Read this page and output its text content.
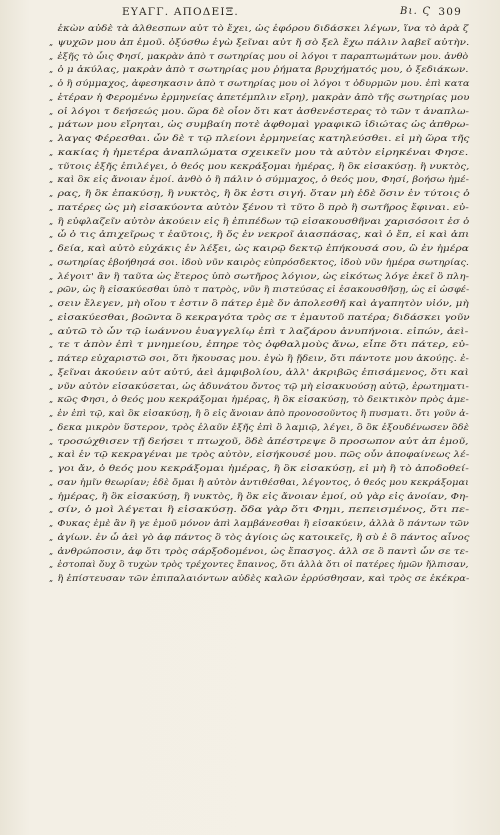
ΕΥΑΓΓ. ΑΠΟΔΕΙΞ.	Βι. Ϛ 309
ἐκὼν αὐδὲ τὰ ἀλθεσπων αὐτ τὸ ἔχει, ὡς ἐφόρου διδάσκει λέγων, ἵνα τὸ ἁρὰ ζ
„ ψυχῶν μου ἀπ ἐμοῦ. ὀξύσθω ἐγὼ ξεῖναι αὐτ ἤ σὸ ξελ ἔχω πάλιν λαβεῖ αὐτὴν.
„ ἐξῆς τὸ ὧις Φησί, μακρὰν ἀπὸ τ σωτηρίας μου οἱ λόγοι τ παραπτωμάτων μου. ἀνθὸ
„ ὁ μ ἀκύλας, μακρὰν ἀπὸ τ σωτηρίας μου ῥήματα βρυχήματός μου, ὁ ξεδιάκων.
„ ὁ ἢ σύμμαχος, ἀφεσηκασιν ἀπὸ τ σωτηρίας μου οἱ λόγοι τ ὀδυρμῶν μου. ἐπὶ κατα
„ ἑτέραν ἡ Φερομένω ἑρμηνείας ἀπετέμπλιν εἴρη), μακρὰν ἀπὸ τῆς σωτηρίας μου
„ οἱ λόγοι τ δεήσεώς μου. ὥρα δὲ οἷον ὅτι κατ ἀσθενέστερας τὸ τῶν τ ἀναπλω-
„ μάτων μου εἴρηται, ὡς συμβαίη ποτὲ ἀφθομαὶ γραφικῶ ἰδιώτας ὡς ἀπθρω-
„ λαγας Φέρεσθαι. ὧν δὲ τ τῷ πλείονι ἑρμηνείας κατηλεύσθει. εἰ μὴ ὥρα τῆς
„ κακίας ἡ ἡμετέρα ἀναπλώματα σχεικεῖν μου τὰ αὐτὸν εἰρηκέναι Φησε.
„ τῦτοις ἐξῆς ἐπιλέγει, ὁ θεός μου κεκράξομαι ἡμέρας, ἢ ὃκ εἰσακύσῃ. ἢ νυκτὸς,
„ καὶ ὃκ εἰς ἄνοιαν ἐμοί. ἀνθὸ ὁ ἢ πάλιν ὁ σύμμαχος, ὁ θεός μου, Φησί, βοήσω ἡμέ-
„ ρας, ἢ ὃκ ἐπακύσῃ, ἢ νυκτὸς, ἢ ὃκ ἐστι σιγή. ὅταν μὴ ἐδὲ ὅσιν ἐν τύτοις ὁ
„ πατέρες ὡς μὴ εἰσακύοντα αὐτὸν ξένου τὶ τῦτο ὃ πρὸ ἢ σωτῆρος ἔφιναι. εὐ-
„ ἢ εὐφλαζεῖν αὐτὸν ἀκούειν εἰς ἢ ἐπιπέδων τῷ εἰσακουσθῆναι χαρισόσοιτ ἐσ ὁ
„ ὧ ὁ τις ἀπιχεῖρως τ ἐαῦτοις, ἢ ὅς ἐν νεκροῖ ἀιασπάσας, καὶ ὁ ἔπ, εἰ καὶ ἀπι
„ δεία, καὶ αὐτὸ εὐχάκις ἐν λέξει, ὡς καιρῷ δεκτῷ ἐπήκουσά σου, ὢ ἐν ἡμέρα
„ σωτηρίας ἐβοήθησά σοι. ἰδοὺ νῦν καιρὸς εὐπρόσδεκτος, ἰδοὺ νῦν ἡμέρα σωτηρίας.
„ λέγοιτ' ἂν ἢ ταῦτα ὡς ἕτερος ὑπὸ σωτῆρος λόγιον, ὡς εἰκότως λόγε ἐκεῖ ὃ πλη-
„ ρῶν, ὡς ἢ εἰσακύεσθαι ὑπὸ τ πατρὸς, νῦν ἢ πιστεύσας εἰ ἐσακουσθῆσῃ, ὡς εἰ ὡσφέ-
„ σειν ἔλεγεν, μὴ οἴου τ ἐστιν ὃ πάτερ ἐμὲ ὅν ἀπολεσθῆ καὶ ἀγαπητὸν υἱόν, μὴ
„ εἰσακύεσθαι, βοῶντα ὃ κεκραγότα τρὸς σε τ ἐμαυτοῦ πατέρα; διδάσκει γοῦν
„ αὐτῶ τὸ ὧν τῷ ἰωάννου ἐυαγγελίῳ ἐπὶ τ λαζάρου ἀνυπήνοια. εἰπών, ἀεὶ-
„ τε τ ἀπὸν ἐπὶ τ μνημείου, ἐπηρε τὸς ὀφθαλμοὺς ἄνω, εἶπε ὅτι πάτερ, εὐ-
„ πάτερ εὐχαριστῶ σοι, ὅτι ἤκουσας μου. ἐγὼ ἢ ᾔδειν, ὅτι πάντοτε μου ἀκούῃς. ἐ-
„ ξεῖναι ἀκούειν αὐτ αὐτύ, ἀεὶ ἀμφιβολίου, ἀλλ' ἀκριβῶς ἐπισάμενος, ὅτι καὶ
„ νῦν αὐτὸν εἰσακύσεται, ὡς ἀδυνάτου ὄντος τῷ μὴ εἰσακυούσῃ αὐτῷ, ἐρωτηματι-
„ κῶς Φησι, ὁ θεός μου κεκράξομαι ἡμέρας, ἢ ὃκ εἰσακύσῃ, τὸ δεικτικὸν πρὸς ἀμε-
„ ἐν ἐπὶ τῷ, καὶ ὃκ εἰσακύσῃ, ἢ ὃ εἰς ἄνοιαν ἀπὸ προνοσοῦντος ἢ πυσματι. ὅτι γοῦν ἀ-
„ δεκα μικρὸν ὕστερον, τρὸς ἐλαῦν ἐξῆς ἐπὶ ὃ λαμιῷ, λέγει, ὃ ὃκ ἐξουδένωσεν ὃδὲ
„ τροσώχθισεν τῇ δεήσει τ πτωχοῦ, ὃδὲ ἀπέστρεψε ὃ προσωπον αὐτ ἀπ ἐμοῦ,
„ καὶ ἐν τῷ κεκραγέναι με τρὸς αὐτὸν, εἰσήκουσέ μου. πῶς οὖν ἀποφαίνεως λέ-
„ γοι ἄν, ὁ θεός μου κεκράξομαι ἡμέρας, ἢ ὃκ εἰσακύσῃ, εἰ μὴ ἢ τὸ ἀποδοθεί-
„ σαν ἡμῖν θεωρίαν; ἐδὲ ὄμαι ἢ αὐτὸν ἀντιθέσθαι, λέγοντος, ὁ θεός μου κεκράξομαι
„ ἡμέρας, ἢ ὃκ εἰσακύσῃ, ἢ νυκτὸς, ἢ ὃκ εἰς ἄνοιαν ἐμοί, οὐ γὰρ εἰς ἀνοίαν, Φη-
„ σίν, ὁ μοὶ λέγεται ἢ εἰσακύσῃ. ὅδα γὰρ ὅτι Φημι, πεπεισμένος, ὅτι πε-
„ Φυκας ἐμὲ ἂν ἢ γε ἐμοῦ μόνον ἀπὶ λαμβάνεσθαι ἢ εἰσακύειν, ἀλλὰ ὃ πάντων τῶν
„ ἁγίων. ἐν ὧ ἀεὶ γὸ ἀφ πάντος ὃ τὸς ἁγίοις ὡς κατοικεῖς, ἢ σὺ ἐ ὃ πάντος αἶνος
„ ἀνθρώποσιν, ἀφ ὅτι τρὸς σάρξοδομένοι, ὡς ἔπασγος. ἀλλ σε ὃ παντὶ ὧν σε τε-
„ ἐστοπαὶ ὅυχ ὃ τυχὼν τρὸς τρέχοντες ἔπαινος, ὅτι ἀλλὰ ὅτι οἱ πατέρες ἡμῶν ἤλπισαν,
„ ἢ ἐπίστευσαν τῶν ἐπιπαλαιόντων αὐδὲς καλῶν ἐρρύσθησαν, καὶ τρὸς σε ἐκέκρα-
